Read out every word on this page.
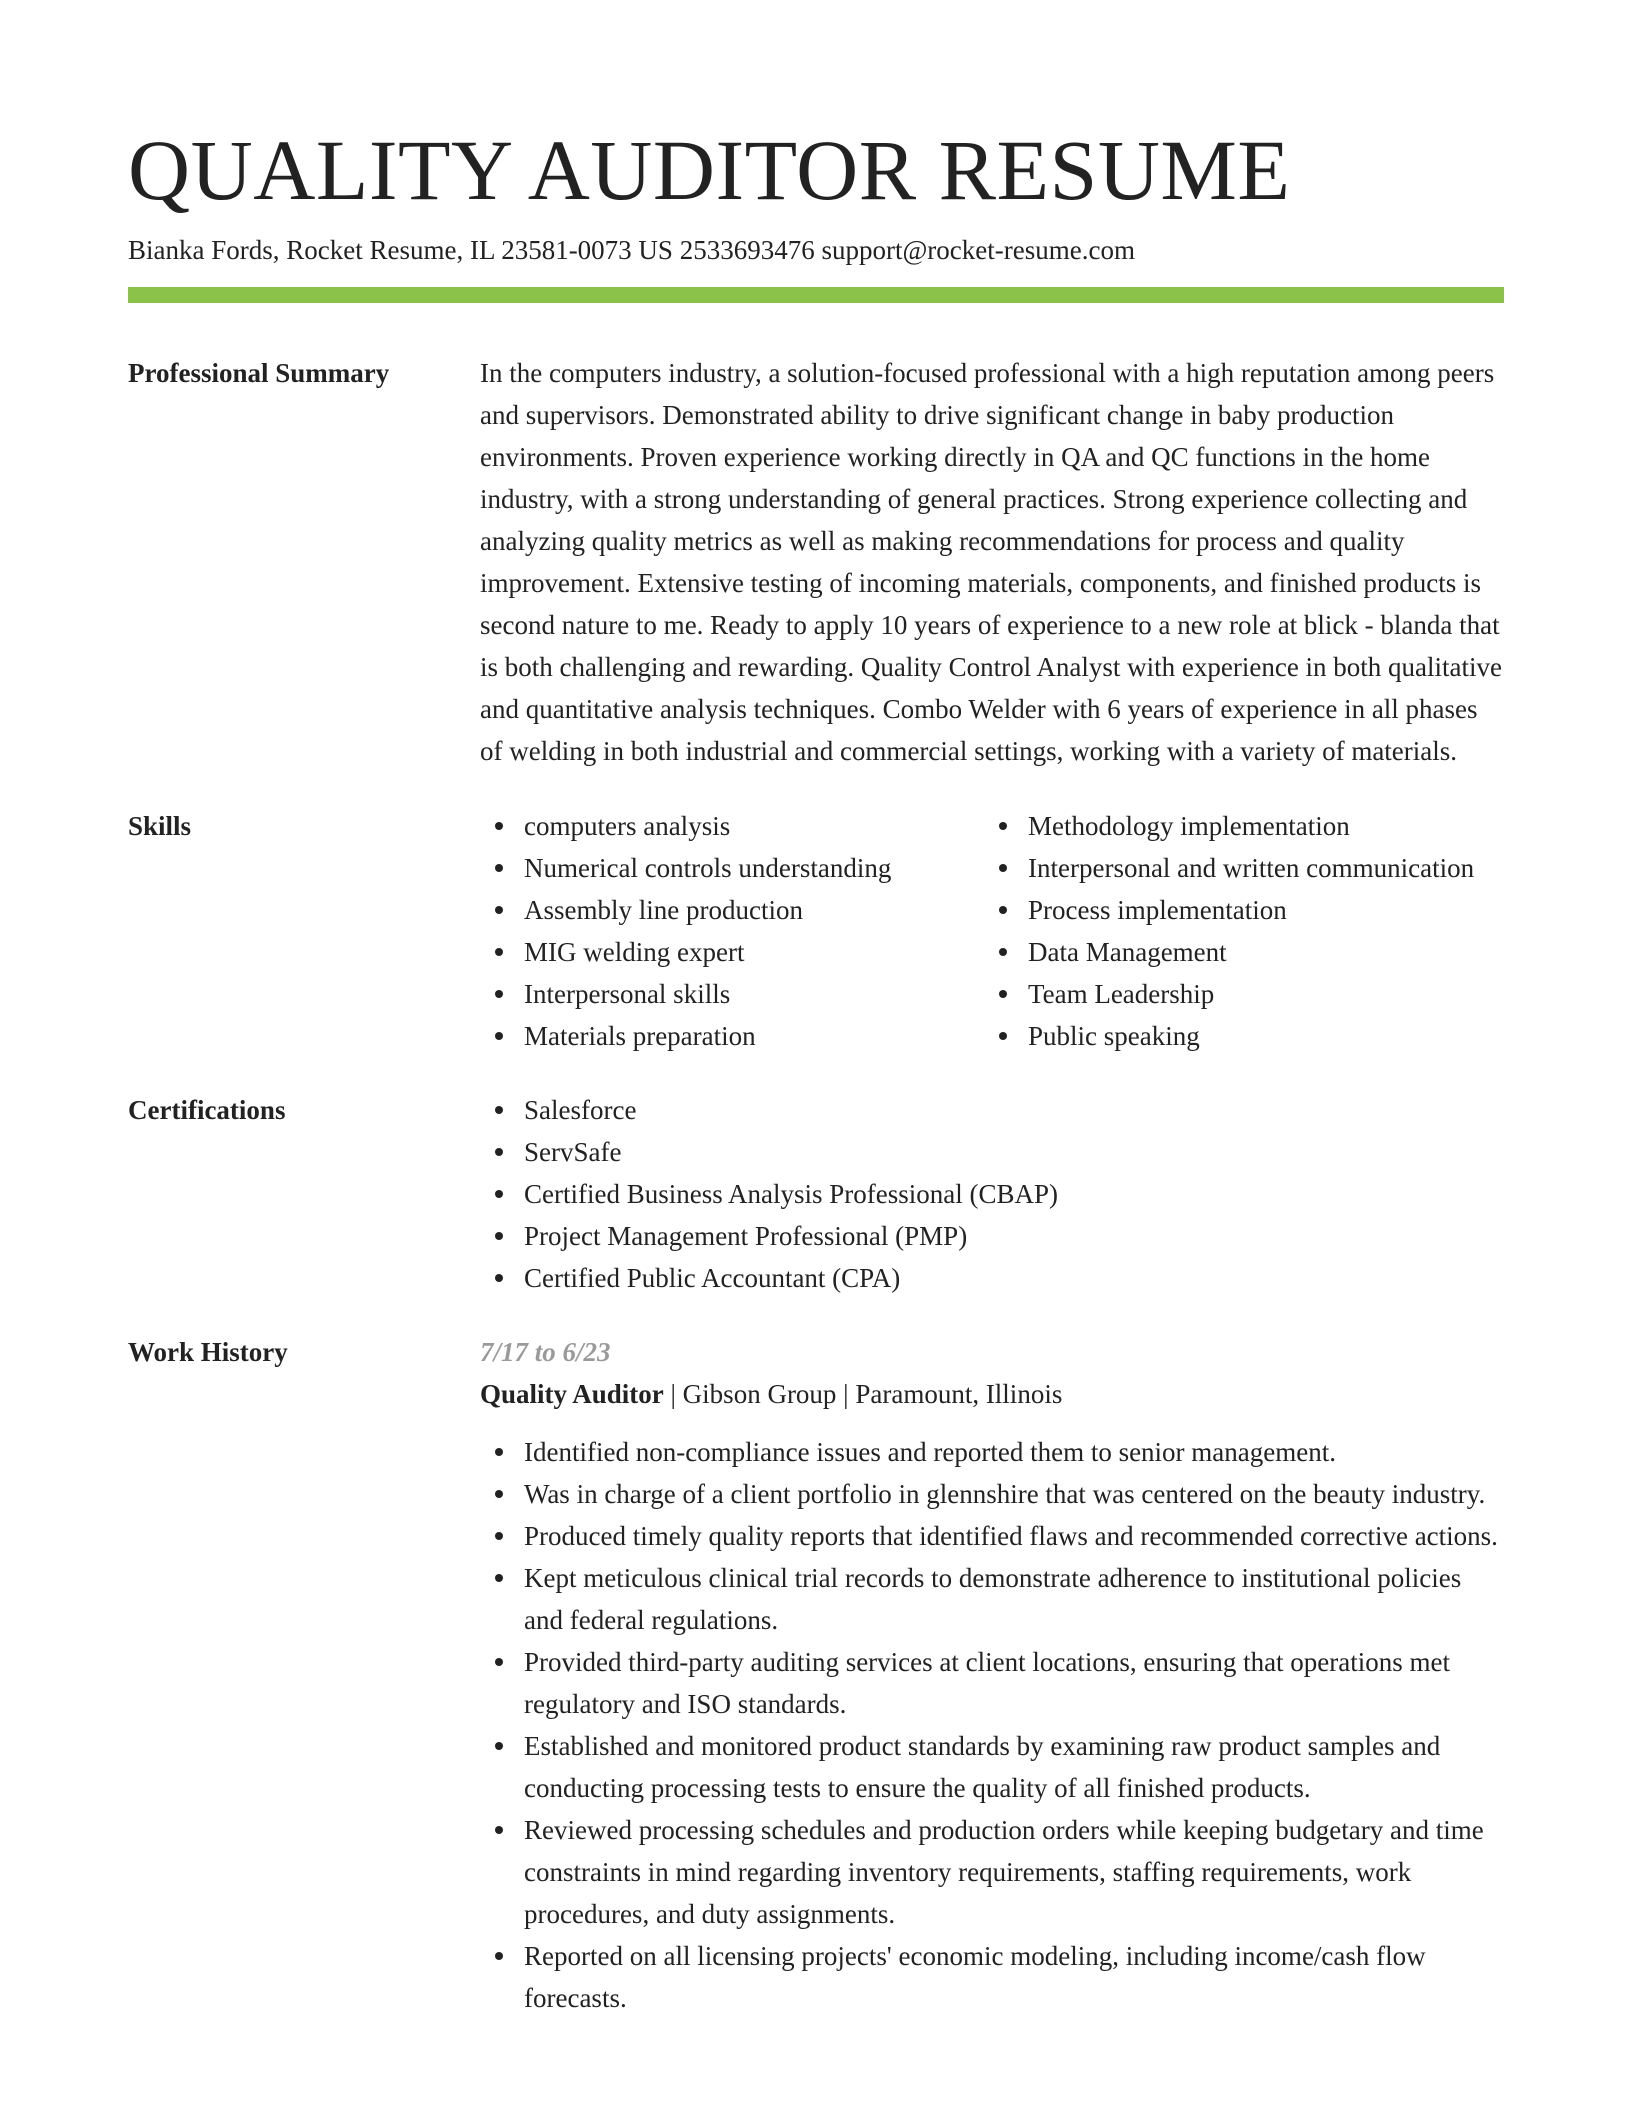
QUALITY AUDITOR RESUME
Bianka Fords, Rocket Resume, IL 23581-0073 US 2533693476 support@rocket-resume.com
Professional Summary	In the computers industry, a solution-focused professional with a high reputation among peers and supervisors. Demonstrated ability to drive significant change in baby production environments. Proven experience working directly in QA and QC functions in the home industry, with a strong understanding of general practices. Strong experience collecting and analyzing quality metrics as well as making recommendations for process and quality improvement. Extensive testing of incoming materials, components, and finished products is second nature to me. Ready to apply 10 years of experience to a new role at blick - blanda that is both challenging and rewarding. Quality Control Analyst with experience in both qualitative and quantitative analysis techniques. Combo Welder with 6 years of experience in all phases of welding in both industrial and commercial settings, working with a variety of materials.
Skills	computers analysis
Numerical controls understanding
Assembly line production
MIG welding expert
Interpersonal skills
Materials preparation
Methodology implementation
Interpersonal and written communication
Process implementation
Data Management
Team Leadership
Public speaking
Certifications	Salesforce
ServSafe
Certified Business Analysis Professional (CBAP)
Project Management Professional (PMP)
Certified Public Accountant (CPA)
Work History	7/17 to 6/23
Quality Auditor | Gibson Group | Paramount, Illinois
Identified non-compliance issues and reported them to senior management.
Was in charge of a client portfolio in glennshire that was centered on the beauty industry.
Produced timely quality reports that identified flaws and recommended corrective actions.
Kept meticulous clinical trial records to demonstrate adherence to institutional policies and federal regulations.
Provided third-party auditing services at client locations, ensuring that operations met regulatory and ISO standards.
Established and monitored product standards by examining raw product samples and conducting processing tests to ensure the quality of all finished products.
Reviewed processing schedules and production orders while keeping budgetary and time constraints in mind regarding inventory requirements, staffing requirements, work procedures, and duty assignments.
Reported on all licensing projects' economic modeling, including income/cash flow forecasts.
